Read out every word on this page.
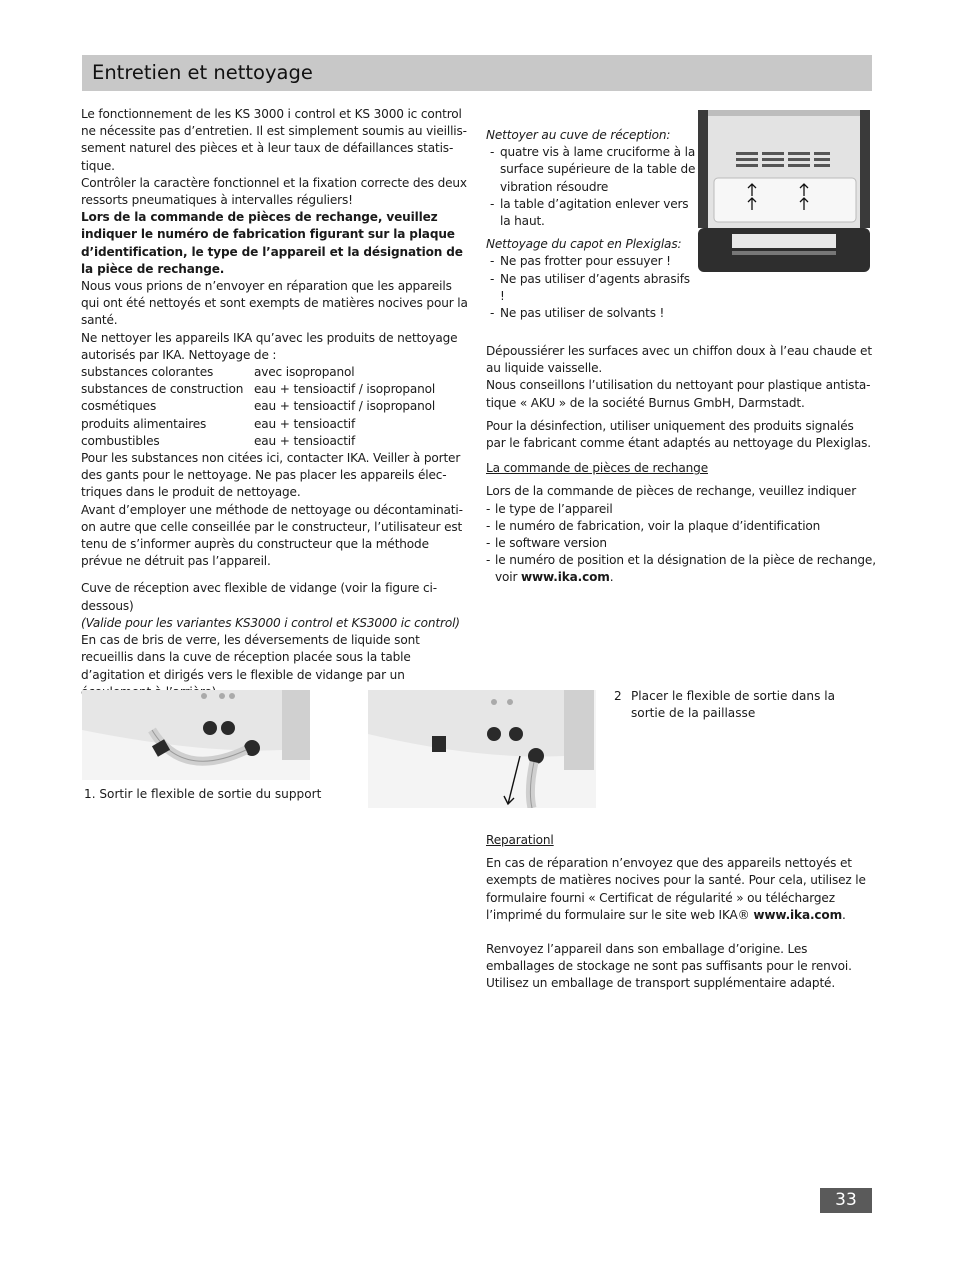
Entretien et nettoyage

Le fonctionnement de les KS 3000 i control et KS 3000 ic control ne nécessite pas d’entretien. Il est simplement soumis au vieillissement naturel des pièces et à leur taux de défaillances statistique.

Contrôler la caractère fonctionnel et la fixation correcte des deux ressorts pneumatiques à intervalles réguliers!

Lors de la commande de pièces de rechange, veuillez indiquer le numéro de fabrication figurant sur la plaque d’identification, le type de l’appareil et la désignation de la pièce de rechange.

Nous vous prions de n’envoyer en réparation que les appareils qui ont été nettoyés et sont exempts de matières nocives pour la santé.

Ne nettoyer les appareils IKA qu’avec les produits de nettoyage autorisés par IKA. Nettoyage de :

substances colorantes	avec isopropanol
substances de construction	eau + tensioactif / isopropanol
cosmétiques	eau + tensioactif / isopropanol
produits alimentaires	eau + tensioactif
combustibles	eau + tensioactif

Pour les substances non citées ici, contacter IKA. Veiller à porter des gants pour le nettoyage. Ne pas placer les appareils électriques dans le produit de nettoyage.

Avant d’employer une méthode de nettoyage ou décontamination autre que celle conseillée par le constructeur, l’utilisateur est tenu de s’informer auprès du constructeur que la méthode prévue ne détruit pas l’appareil.

Cuve de réception avec flexible de vidange (voir la figure ci-dessous)

(Valide pour les variantes KS3000 i control et KS3000 ic control)

En cas de bris de verre, les déversements de liquide sont recueillis dans la cuve de réception placée sous la table d’agitation et dirigés vers le flexible de vidange par un

Nettoyer au cuve de réception:

- quatre vis à lame cruciforme à la surface supérieure de la table de vibration résoudre

- la table d’agitation enlever vers la haut.

Nettoyage du capot en Plexiglas:

- Ne pas frotter pour essuyer !

- Ne pas utiliser d’agents abrasifs !

- Ne pas utiliser de solvants !

Dépoussiérer les surfaces avec un chiffon doux à l’eau chaude et au liquide vaisselle.

Nous conseillons l’utilisation du nettoyant pour plastique antistatique « AKU » de la société Burnus GmbH, Darmstadt.

Pour la désinfection, utiliser uniquement des produits signalés par le fabricant comme étant adaptés au nettoyage du Plexiglas.

La commande de pièces de rechange

Lors de la commande de pièces de rechange, veuillez indiquer

- le type de l’appareil

- le numéro de fabrication, voir la plaque d’identification

- le software version

- le numéro de position et la désignation de la pièce de rechange, voir www.ika.com.

1. Sortir le flexible de sortie du support
2 Placer le flexible de sortie dans la sortie de la paillasse

Reparationl

En cas de réparation n’envoyez que des appareils nettoyés et exempts de matières nocives pour la santé. Pour cela, utilisez le formulaire fourni « Certificat de régularité » ou téléchargez l’imprimé du formulaire sur le site web IKA® www.ika.com.

Renvoyez l’appareil dans son emballage d’origine. Les emballages de stockage ne sont pas suffisants pour le renvoi. Utilisez un emballage de transport supplémentaire adapté.

33
